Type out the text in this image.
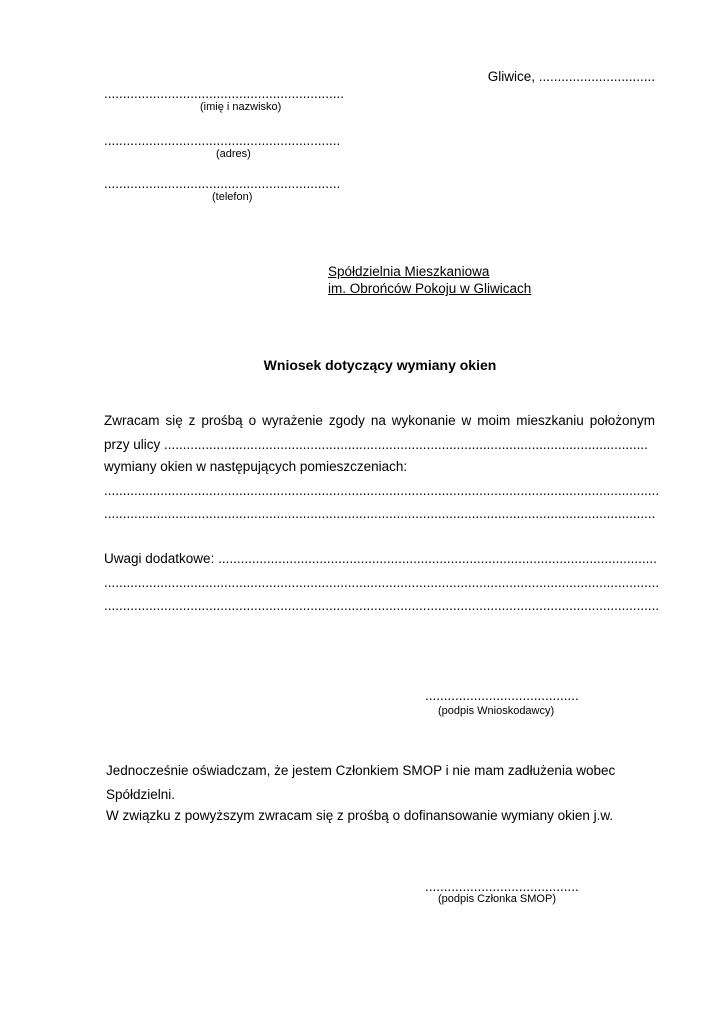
Gliwice, ...............................
................................................................
(imię i nazwisko)
...............................................................
(adres)
...............................................................
(telefon)
Spółdzielnia Mieszkaniowa
im. Obrońców Pokoju w Gliwicach
Wniosek dotyczący wymiany okien
Zwracam się z prośbą o wyrażenie zgody na wykonanie w moim mieszkaniu położonym
przy ulicy .................................................................................................................................
wymiany okien w następujących pomieszczeniach:
....................................................................................................................................................
...................................................................................................................................................
Uwagi dodatkowe: .....................................................................................................................
....................................................................................................................................................
....................................................................................................................................................
.........................................
(podpis Wnioskodawcy)
Jednocześnie oświadczam, że jestem Członkiem SMOP i nie mam zadłużenia wobec
Spółdzielni.
W związku z powyższym zwracam się z prośbą o dofinansowanie wymiany okien j.w.
.........................................
(podpis Członka SMOP)
